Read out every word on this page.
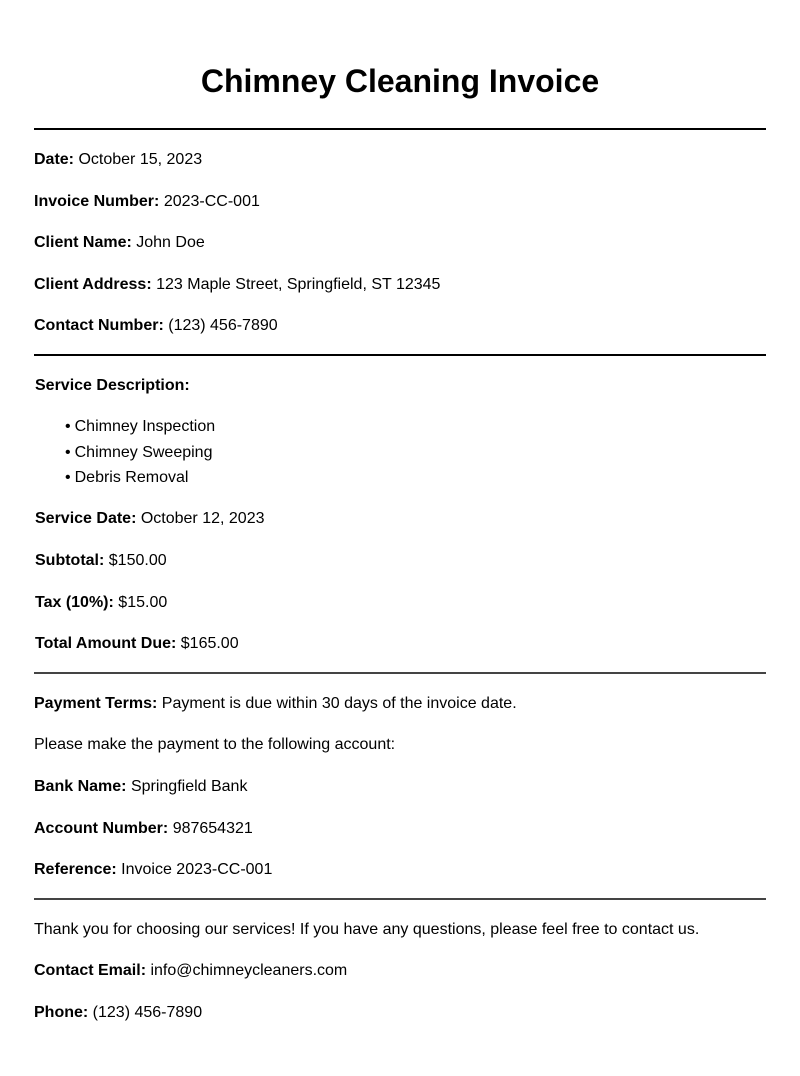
Chimney Cleaning Invoice

Date: October 15, 2023

Invoice Number: 2023-CC-001

Client Name: John Doe

Client Address: 123 Maple Street, Springfield, ST 12345

Contact Number: (123) 456-7890

Service Description:

• Chimney Inspection
• Chimney Sweeping
• Debris Removal

Service Date: October 12, 2023

Subtotal: $150.00

Tax (10%): $15.00

Total Amount Due: $165.00

Payment Terms: Payment is due within 30 days of the invoice date.

Please make the payment to the following account:

Bank Name: Springfield Bank

Account Number: 987654321

Reference: Invoice 2023-CC-001

Thank you for choosing our services! If you have any questions, please feel free to contact us.

Contact Email: info@chimneycleaners.com

Phone: (123) 456-7890
